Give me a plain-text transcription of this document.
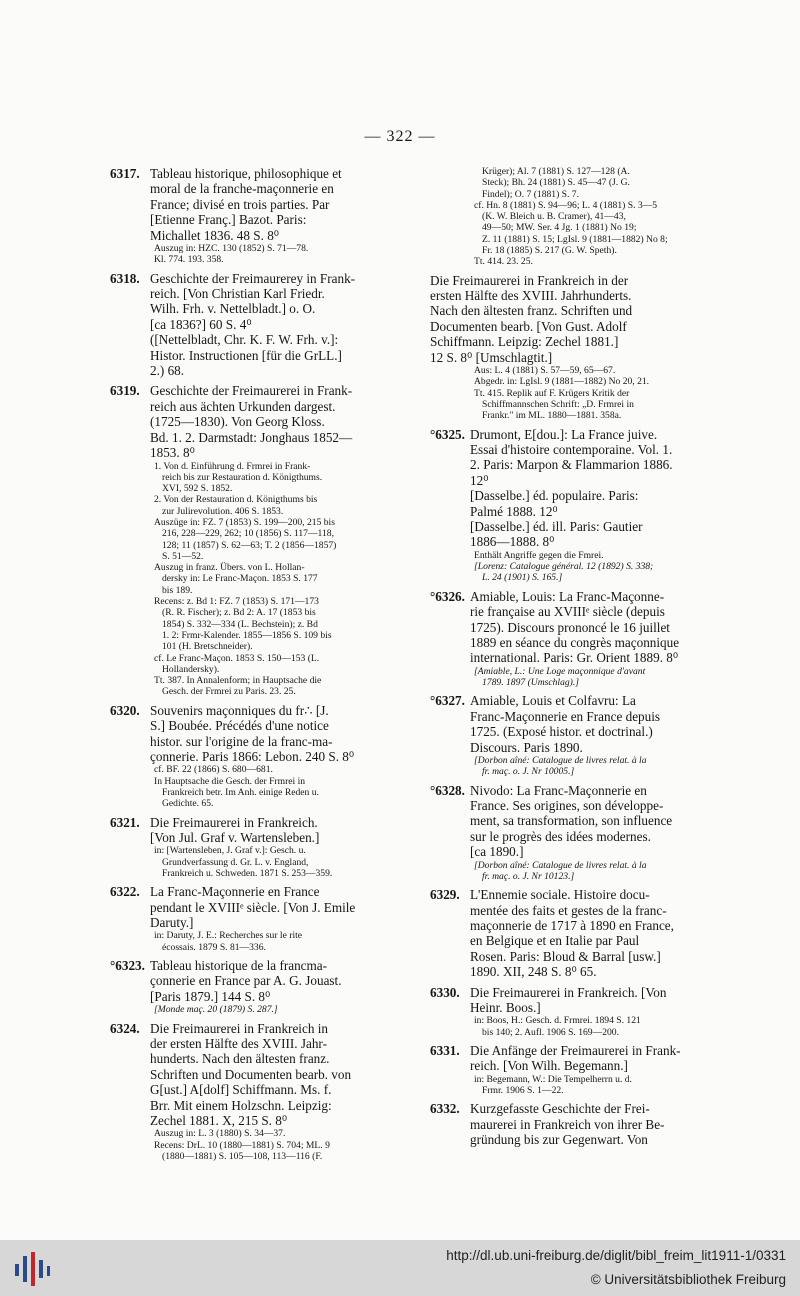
— 322 —
6317. Tableau historique, philosophique et
moral de la franche-maçonnerie en
France; divisé en trois parties. Par
[Etienne Franç.] Bazot. Paris:
Michallet 1836. 48 S. 8⁰
Auszug in: HZC. 130 (1852) S. 71—78.
Kl. 774. 193. 358.
6318. Geschichte der Freimaurerey in Frank-
reich. [Von Christian Karl Friedr.
Wilh. Frh. v. Nettelbladt.] o. O.
[ca 1836?] 60 S. 4⁰
([Nettelbladt, Chr. K. F. W. Frh. v.]:
Histor. Instructionen [für die GrLL.]
2.) 68.
6319. Geschichte der Freimaurerei in Frank-
reich aus ächten Urkunden dargest.
(1725—1830). Von Georg Kloss.
Bd. 1. 2. Darmstadt: Jonghaus 1852—
1853. 8⁰
1. Von d. Einführung d. Frmrei in Frank-
reich bis zur Restauration d. Königthums.
XVI, 592 S. 1852.
2. Von der Restauration d. Königthums bis
zur Julirevolution. 406 S. 1853.
Auszüge in: FZ. 7 (1853) S. 199—200, 215 bis
216, 228—229, 262; 10 (1856) S. 117—118,
128; 11 (1857) S. 62—63; T. 2 (1856—1857)
S. 51—52.
Auszug in franz. Übers. von L. Hollan-
dersky in: Le Franc-Maçon. 1853 S. 177
bis 189.
Recens: z. Bd 1: FZ. 7 (1853) S. 171—173
(R. R. Fischer); z. Bd 2: A. 17 (1853 bis
1854) S. 332—334 (L. Bechstein); z. Bd
1. 2: Frmr-Kalender. 1855—1856 S. 109 bis
101 (H. Bretschneider).
cf. Le Franc-Maçon. 1853 S. 150—153 (L.
Hollandersky).
Tt. 387. In Annalenform; in Hauptsache die
Gesch. der Frmrei zu Paris. 23. 25.
6320. Souvenirs maçonniques du fr∴ [J.
S.] Boubée. Précédés d'une notice
histor. sur l'origine de la franc-ma-
çonnerie. Paris 1866: Lebon. 240 S. 8⁰
cf. BF. 22 (1866) S. 680—681.
In Hauptsache die Gesch. der Frmrei in
Frankreich betr. Im Anh. einige Reden u.
Gedichte. 65.
6321. Die Freimaurerei in Frankreich.
[Von Jul. Graf v. Wartensleben.]
in: [Wartensleben, J. Graf v.]: Gesch. u.
Grundverfassung d. Gr. L. v. England,
Frankreich u. Schweden. 1871 S. 253—359.
6322. La Franc-Maçonnerie en France
pendant le XVIIIᵉ siècle. [Von J. Emile
Daruty.]
in: Daruty, J. E.: Recherches sur le rite
écossais. 1879 S. 81—336.
°6323. Tableau historique de la francma-
çonnerie en France par A. G. Jouast.
[Paris 1879.] 144 S. 8⁰
[Monde maç. 20 (1879) S. 287.]
6324. Die Freimaurerei in Frankreich in
der ersten Hälfte des XVIII. Jahr-
hunderts. Nach den ältesten franz.
Schriften und Documenten bearb. von
G[ust.] A[dolf] Schiffmann. Ms. f.
Brr. Mit einem Holzschn. Leipzig:
Zechel 1881. X, 215 S. 8⁰
Auszug in: L. 3 (1880) S. 34—37.
Recens: DrL. 10 (1880—1881) S. 704; ML. 9
(1880—1881) S. 105—108, 113—116 (F.
Krüger); Al. 7 (1881) S. 127—128 (A.
Steck); Bh. 24 (1881) S. 45—47 (J. G.
Findel); O. 7 (1881) S. 7.
cf. Hn. 8 (1881) S. 94—96; L. 4 (1881) S. 3—5
(K. W. Bleich u. B. Cramer), 41—43,
49—50; MW. Ser. 4 Jg. 1 (1881) No 19;
Z. 11 (1881) S. 15; LgIsl. 9 (1881—1882) No 8;
Fr. 18 (1885) S. 217 (G. W. Speth).
Tt. 414. 23. 25.
Die Freimaurerei in Frankreich in der
ersten Hälfte des XVIII. Jahrhunderts.
Nach den ältesten franz. Schriften und
Documenten bearb. [Von Gust. Adolf
Schiffmann. Leipzig: Zechel 1881.]
12 S. 8⁰ [Umschlagtit.]
Aus: L. 4 (1881) S. 57—59, 65—67.
Abgedr. in: LgIsl. 9 (1881—1882) No 20, 21.
Tt. 415. Replik auf F. Krügers Kritik der
Schiffmannschen Schrift: „D. Frmrei in
Frankr." im ML. 1880—1881. 358a.
°6325. Drumont, E[dou.]: La France juive.
Essai d'histoire contemporaine. Vol. 1.
2. Paris: Marpon & Flammarion 1886.
12⁰
[Dasselbe.] éd. populaire. Paris:
Palmé 1888. 12⁰
[Dasselbe.] éd. ill. Paris: Gautier
1886—1888. 8⁰
Enthält Angriffe gegen die Fmrei.
[Lorenz: Catalogue général. 12 (1892) S. 338;
L. 24 (1901) S. 165.]
°6326. Amiable, Louis: La Franc-Maçonne-
rie française au XVIIIᵉ siècle (depuis
1725). Discours prononcé le 16 juillet
1889 en séance du congrès maçonnique
international. Paris: Gr. Orient 1889. 8⁰
[Amiable, L.: Une Loge maçonnique d'avant
1789. 1897 (Umschlag).]
°6327. Amiable, Louis et Colfavru: La
Franc-Maçonnerie en France depuis
1725. (Exposé histor. et doctrinal.)
Discours. Paris 1890.
[Dorbon aîné: Catalogue de livres relat. à la
fr. maç. o. J. Nr 10005.]
°6328. Nivodo: La Franc-Maçonnerie en
France. Ses origines, son développe-
ment, sa transformation, son influence
sur le progrès des idées modernes.
[ca 1890.]
[Dorbon aîné: Catalogue de livres relat. à la
fr. maç. o. J. Nr 10123.]
6329. L'Ennemie sociale. Histoire docu-
mentée des faits et gestes de la franc-
maçonnerie de 1717 à 1890 en France,
en Belgique et en Italie par Paul
Rosen. Paris: Bloud & Barral [usw.]
1890. XII, 248 S. 8⁰ 65.
6330. Die Freimaurerei in Frankreich. [Von
Heinr. Boos.]
in: Boos, H.: Gesch. d. Frmrei. 1894 S. 121
bis 140; 2. Aufl. 1906 S. 169—200.
6331. Die Anfänge der Freimaurerei in Frank-
reich. [Von Wilh. Begemann.]
in: Begemann, W.: Die Tempelherrn u. d.
Frmr. 1906 S. 1—22.
6332. Kurzgefasste Geschichte der Frei-
maurerei in Frankreich von ihrer Be-
gründung bis zur Gegenwart. Von
http://dl.ub.uni-freiburg.de/diglit/bibl_freim_lit1911-1/0331
© Universitätsbibliothek Freiburg
